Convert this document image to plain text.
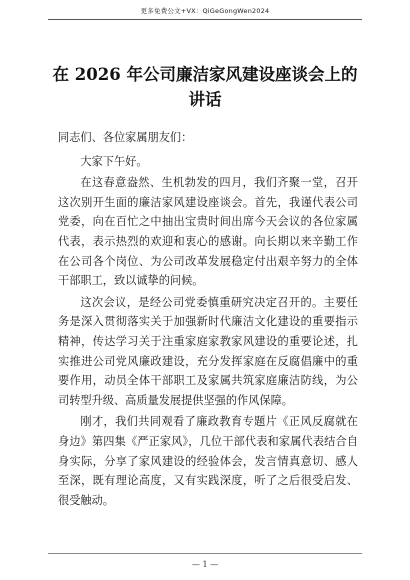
更多免费公文+VX：QiGeGongWen2024
在 2026 年公司廉洁家风建设座谈会上的
讲话

同志们、各位家属朋友们：

大家下午好。

在这春意盎然、生机勃发的四月，我们齐聚一堂，召开这次别开生面的廉洁家风建设座谈会。首先，我谨代表公司党委，向在百忙之中抽出宝贵时间出席今天会议的各位家属代表，表示热烈的欢迎和衷心的感谢。向长期以来辛勤工作在公司各个岗位、为公司改革发展稳定付出艰辛努力的全体干部职工，致以诚挚的问候。

这次会议，是经公司党委慎重研究决定召开的。主要任务是深入贯彻落实关于加强新时代廉洁文化建设的重要指示精神，传达学习关于注重家庭家教家风建设的重要论述，扎实推进公司党风廉政建设，充分发挥家庭在反腐倡廉中的重要作用，动员全体干部职工及家属共筑家庭廉洁防线，为公司转型升级、高质量发展提供坚强的作风保障。

刚才，我们共同观看了廉政教育专题片《正风反腐就在身边》第四集《严正家风》，几位干部代表和家属代表结合自身实际，分享了家风建设的经验体会，发言情真意切、感人至深，既有理论高度，又有实践深度，听了之后很受启发、很受触动。

— 1 —
